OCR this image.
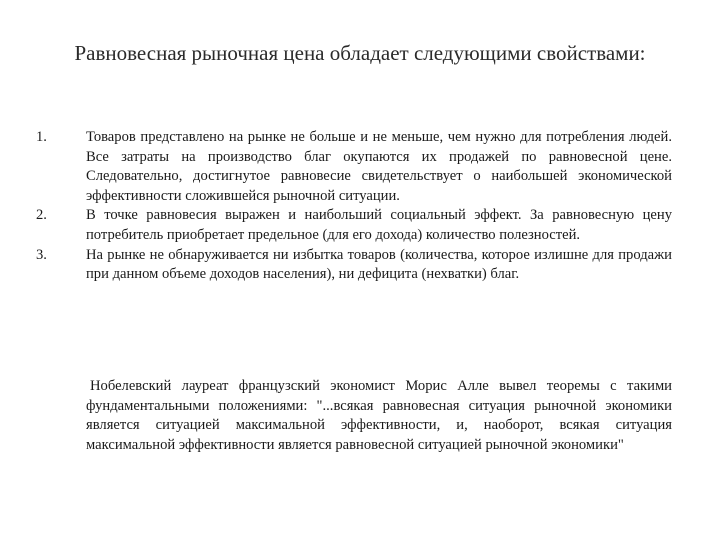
Равновесная рыночная цена обладает следующими свойствами:
1.	Товаров представлено на рынке не больше и не меньше, чем нужно для потребления людей. Все затраты на производство благ окупаются их продажей по равновесной цене. Следовательно, достигнутое равновесие свидетельствует о наибольшей экономической эффективности сложившейся рыночной ситуации.
2.	В точке равновесия выражен и наибольший социальный эффект. За равновесную цену потребитель приобретает предельное (для его дохода) количество полезностей.
3.	На рынке не обнаруживается ни избытка товаров (количества, которое излишне для продажи при данном объеме доходов населения), ни дефицита (нехватки) благ.
Нобелевский лауреат французский экономист Морис Алле вывел теоремы с такими фундаментальными положениями: "...всякая равновесная ситуация рыночной экономики является ситуацией максимальной эффективности, и, наоборот, всякая ситуация максимальной эффективности является равновесной ситуацией рыночной экономики"
